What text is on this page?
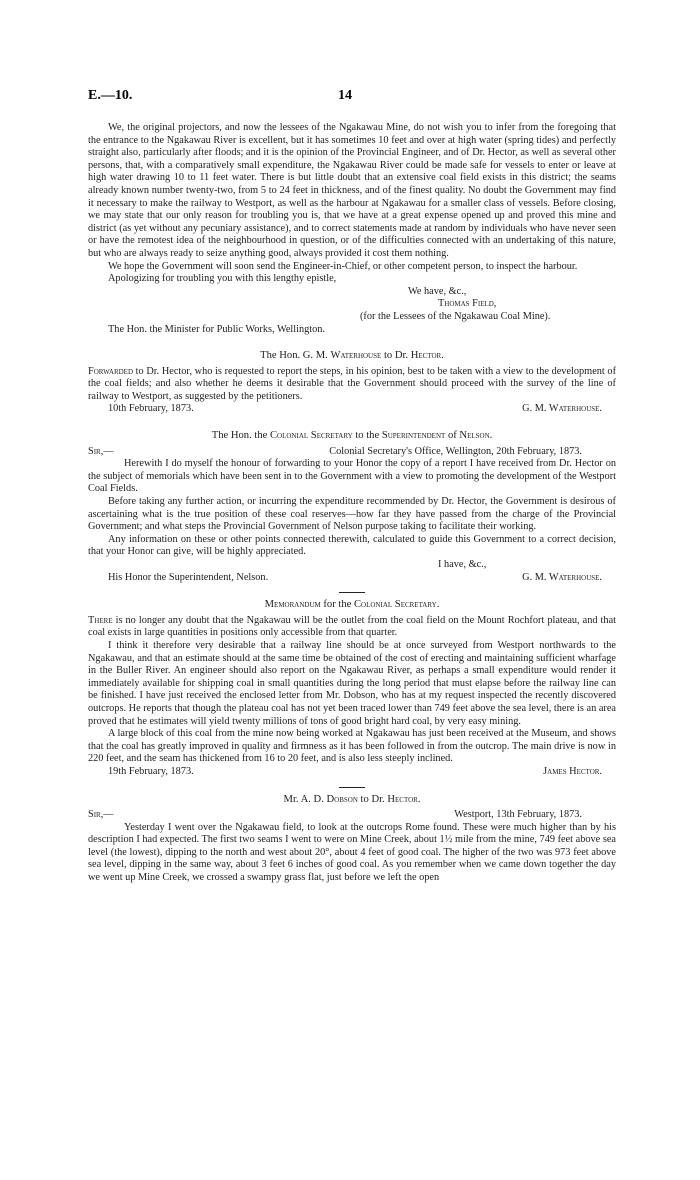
E.—10.	14

We, the original projectors, and now the lessees of the Ngakawau Mine, do not wish you to infer from the foregoing that the entrance to the Ngakawau River is excellent, but it has sometimes 10 feet and over at high water (spring tides) and perfectly straight also, particularly after floods; and it is the opinion of the Provincial Engineer, and of Dr. Hector, as well as several other persons, that, with a comparatively small expenditure, the Ngakawau River could be made safe for vessels to enter or leave at high water drawing 10 to 11 feet water. There is but little doubt that an extensive coal field exists in this district; the seams already known number twenty-two, from 5 to 24 feet in thickness, and of the finest quality. No doubt the Government may find it necessary to make the railway to Westport, as well as the harbour at Ngakawau for a smaller class of vessels. Before closing, we may state that our only reason for troubling you is, that we have at a great expense opened up and proved this mine and district (as yet without any pecuniary assistance), and to correct statements made at random by individuals who have never seen or have the remotest idea of the neighbourhood in question, or of the difficulties connected with an undertaking of this nature, but who are always ready to seize anything good, always provided it cost them nothing.

We hope the Government will soon send the Engineer-in-Chief, or other competent person, to inspect the harbour.

Apologizing for troubling you with this lengthy epistle,

We have, &c.,

Thomas Field,

(for the Lessees of the Ngakawau Coal Mine).

The Hon. the Minister for Public Works, Wellington.

The Hon. G. M. Waterhouse to Dr. Hector.

Forwarded to Dr. Hector, who is requested to report the steps, in his opinion, best to be taken with a view to the development of the coal fields; and also whether he deems it desirable that the Government should proceed with the survey of the line of railway to Westport, as suggested by the petitioners.

10th February, 1873.	G. M. Waterhouse.

The Hon. the Colonial Secretary to the Superintendent of Nelson.

Sir,—	Colonial Secretary's Office, Wellington, 20th February, 1873.

Herewith I do myself the honour of forwarding to your Honor the copy of a report I have received from Dr. Hector on the subject of memorials which have been sent in to the Government with a view to promoting the development of the Westport Coal Fields.

Before taking any further action, or incurring the expenditure recommended by Dr. Hector, the Government is desirous of ascertaining what is the true position of these coal reserves—how far they have passed from the charge of the Provincial Government; and what steps the Provincial Government of Nelson purpose taking to facilitate their working.

Any information on these or other points connected therewith, calculated to guide this Government to a correct decision, that your Honor can give, will be highly appreciated.

I have, &c.,

His Honor the Superintendent, Nelson.	G. M. Waterhouse.

Memorandum for the Colonial Secretary.

There is no longer any doubt that the Ngakawau will be the outlet from the coal field on the Mount Rochfort plateau, and that coal exists in large quantities in positions only accessible from that quarter.

I think it therefore very desirable that a railway line should be at once surveyed from Westport northwards to the Ngakawau, and that an estimate should at the same time be obtained of the cost of erecting and maintaining sufficient wharfage in the Buller River. An engineer should also report on the Ngakawau River, as perhaps a small expenditure would render it immediately available for shipping coal in small quantities during the long period that must elapse before the railway line can be finished. I have just received the enclosed letter from Mr. Dobson, who has at my request inspected the recently discovered outcrops. He reports that though the plateau coal has not yet been traced lower than 749 feet above the sea level, there is an area proved that he estimates will yield twenty millions of tons of good bright hard coal, by very easy mining.

A large block of this coal from the mine now being worked at Ngakawau has just been received at the Museum, and shows that the coal has greatly improved in quality and firmness as it has been followed in from the outcrop. The main drive is now in 220 feet, and the seam has thickened from 16 to 20 feet, and is also less steeply inclined.

19th February, 1873.	James Hector.

Mr. A. D. Dobson to Dr. Hector.

Sir,—	Westport, 13th February, 1873.

Yesterday I went over the Ngakawau field, to look at the outcrops Rome found. These were much higher than by his description I had expected. The first two seams I went to were on Mine Creek, about 1½ mile from the mine, 749 feet above sea level (the lowest), dipping to the north and west about 20°, about 4 feet of good coal. The higher of the two was 973 feet above sea level, dipping in the same way, about 3 feet 6 inches of good coal. As you remember when we came down together the day we went up Mine Creek, we crossed a swampy grass flat, just before we left the open
